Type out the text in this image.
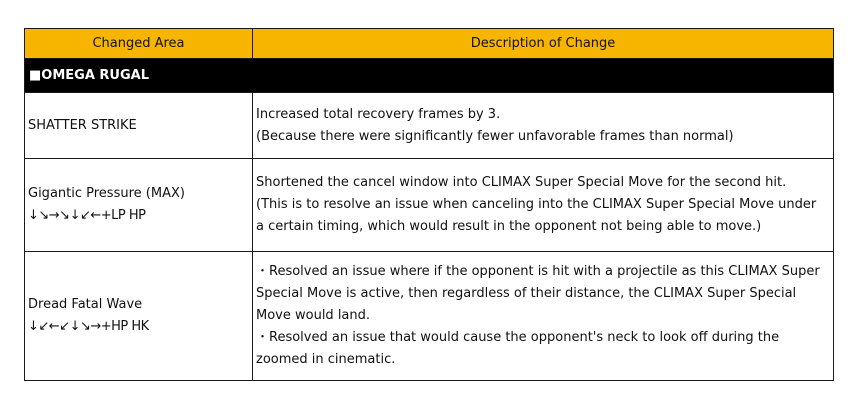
Changed Area	Description of Change
■OMEGA RUGAL	

SHATTER STRIKE	Increased total recovery frames by 3.
(Because there were significantly fewer unfavorable frames than normal)

Gigantic Pressure (MAX)
↓↘→↘↓↙←+LP HP	Shortened the cancel window into CLIMAX Super Special Move for the second hit.
(This is to resolve an issue when canceling into the CLIMAX Super Special Move under
a certain timing, which would result in the opponent not being able to move.)

Dread Fatal Wave
↓↙←↙↓↘→+HP HK	・Resolved an issue where if the opponent is hit with a projectile as this CLIMAX Super
Special Move is active, then regardless of their distance, the CLIMAX Super Special
Move would land.
・Resolved an issue that would cause the opponent's neck to look off during the
zoomed in cinematic.
